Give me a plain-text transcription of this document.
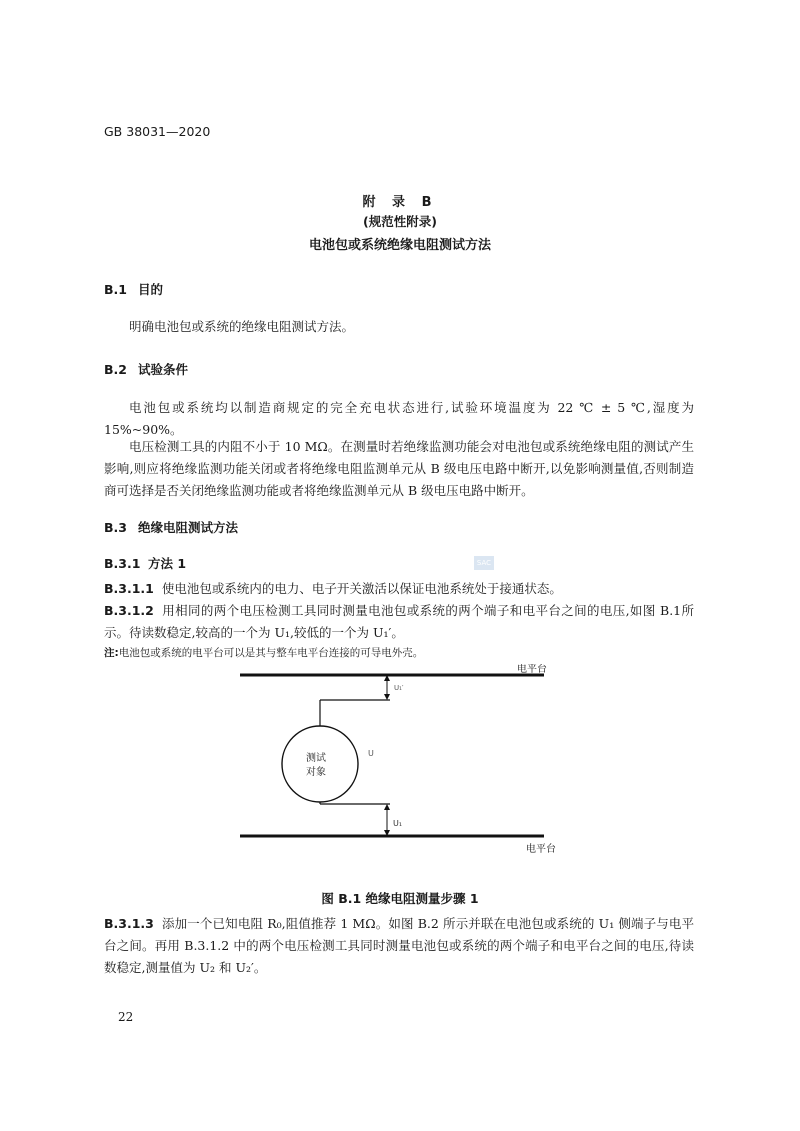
GB 38031—2020
附 录 B
(规范性附录)
电池包或系统绝缘电阻测试方法
B.1 目的
明确电池包或系统的绝缘电阻测试方法。
B.2 试验条件
电池包或系统均以制造商规定的完全充电状态进行,试验环境温度为 22 ℃ ± 5 ℃,湿度为15%~90%。
电压检测工具的内阻不小于 10 MΩ。在测量时若绝缘监测功能会对电池包或系统绝缘电阻的测试产生影响,则应将绝缘监测功能关闭或者将绝缘电阻监测单元从 B 级电压电路中断开,以免影响测量值,否则制造商可选择是否关闭绝缘监测功能或者将绝缘监测单元从 B 级电压电路中断开。
B.3 绝缘电阻测试方法
B.3.1 方法 1	SAC
B.3.1.1 使电池包或系统内的电力、电子开关激活以保证电池系统处于接通状态。
B.3.1.2 用相同的两个电压检测工具同时测量电池包或系统的两个端子和电平台之间的电压,如图 B.1所示。待读数稳定,较高的一个为 U₁,较低的一个为 U₁′。
注:电池包或系统的电平台可以是其与整车电平台连接的可导电外壳。
测试
对象
U₁′
U
U₁
电平台
电平台
图 B.1 绝缘电阻测量步骤 1
B.3.1.3 添加一个已知电阻 R₀,阻值推荐 1 MΩ。如图 B.2 所示并联在电池包或系统的 U₁ 侧端子与电平台之间。再用 B.3.1.2 中的两个电压检测工具同时测量电池包或系统的两个端子和电平台之间的电压,待读数稳定,测量值为 U₂ 和 U₂′。
22
